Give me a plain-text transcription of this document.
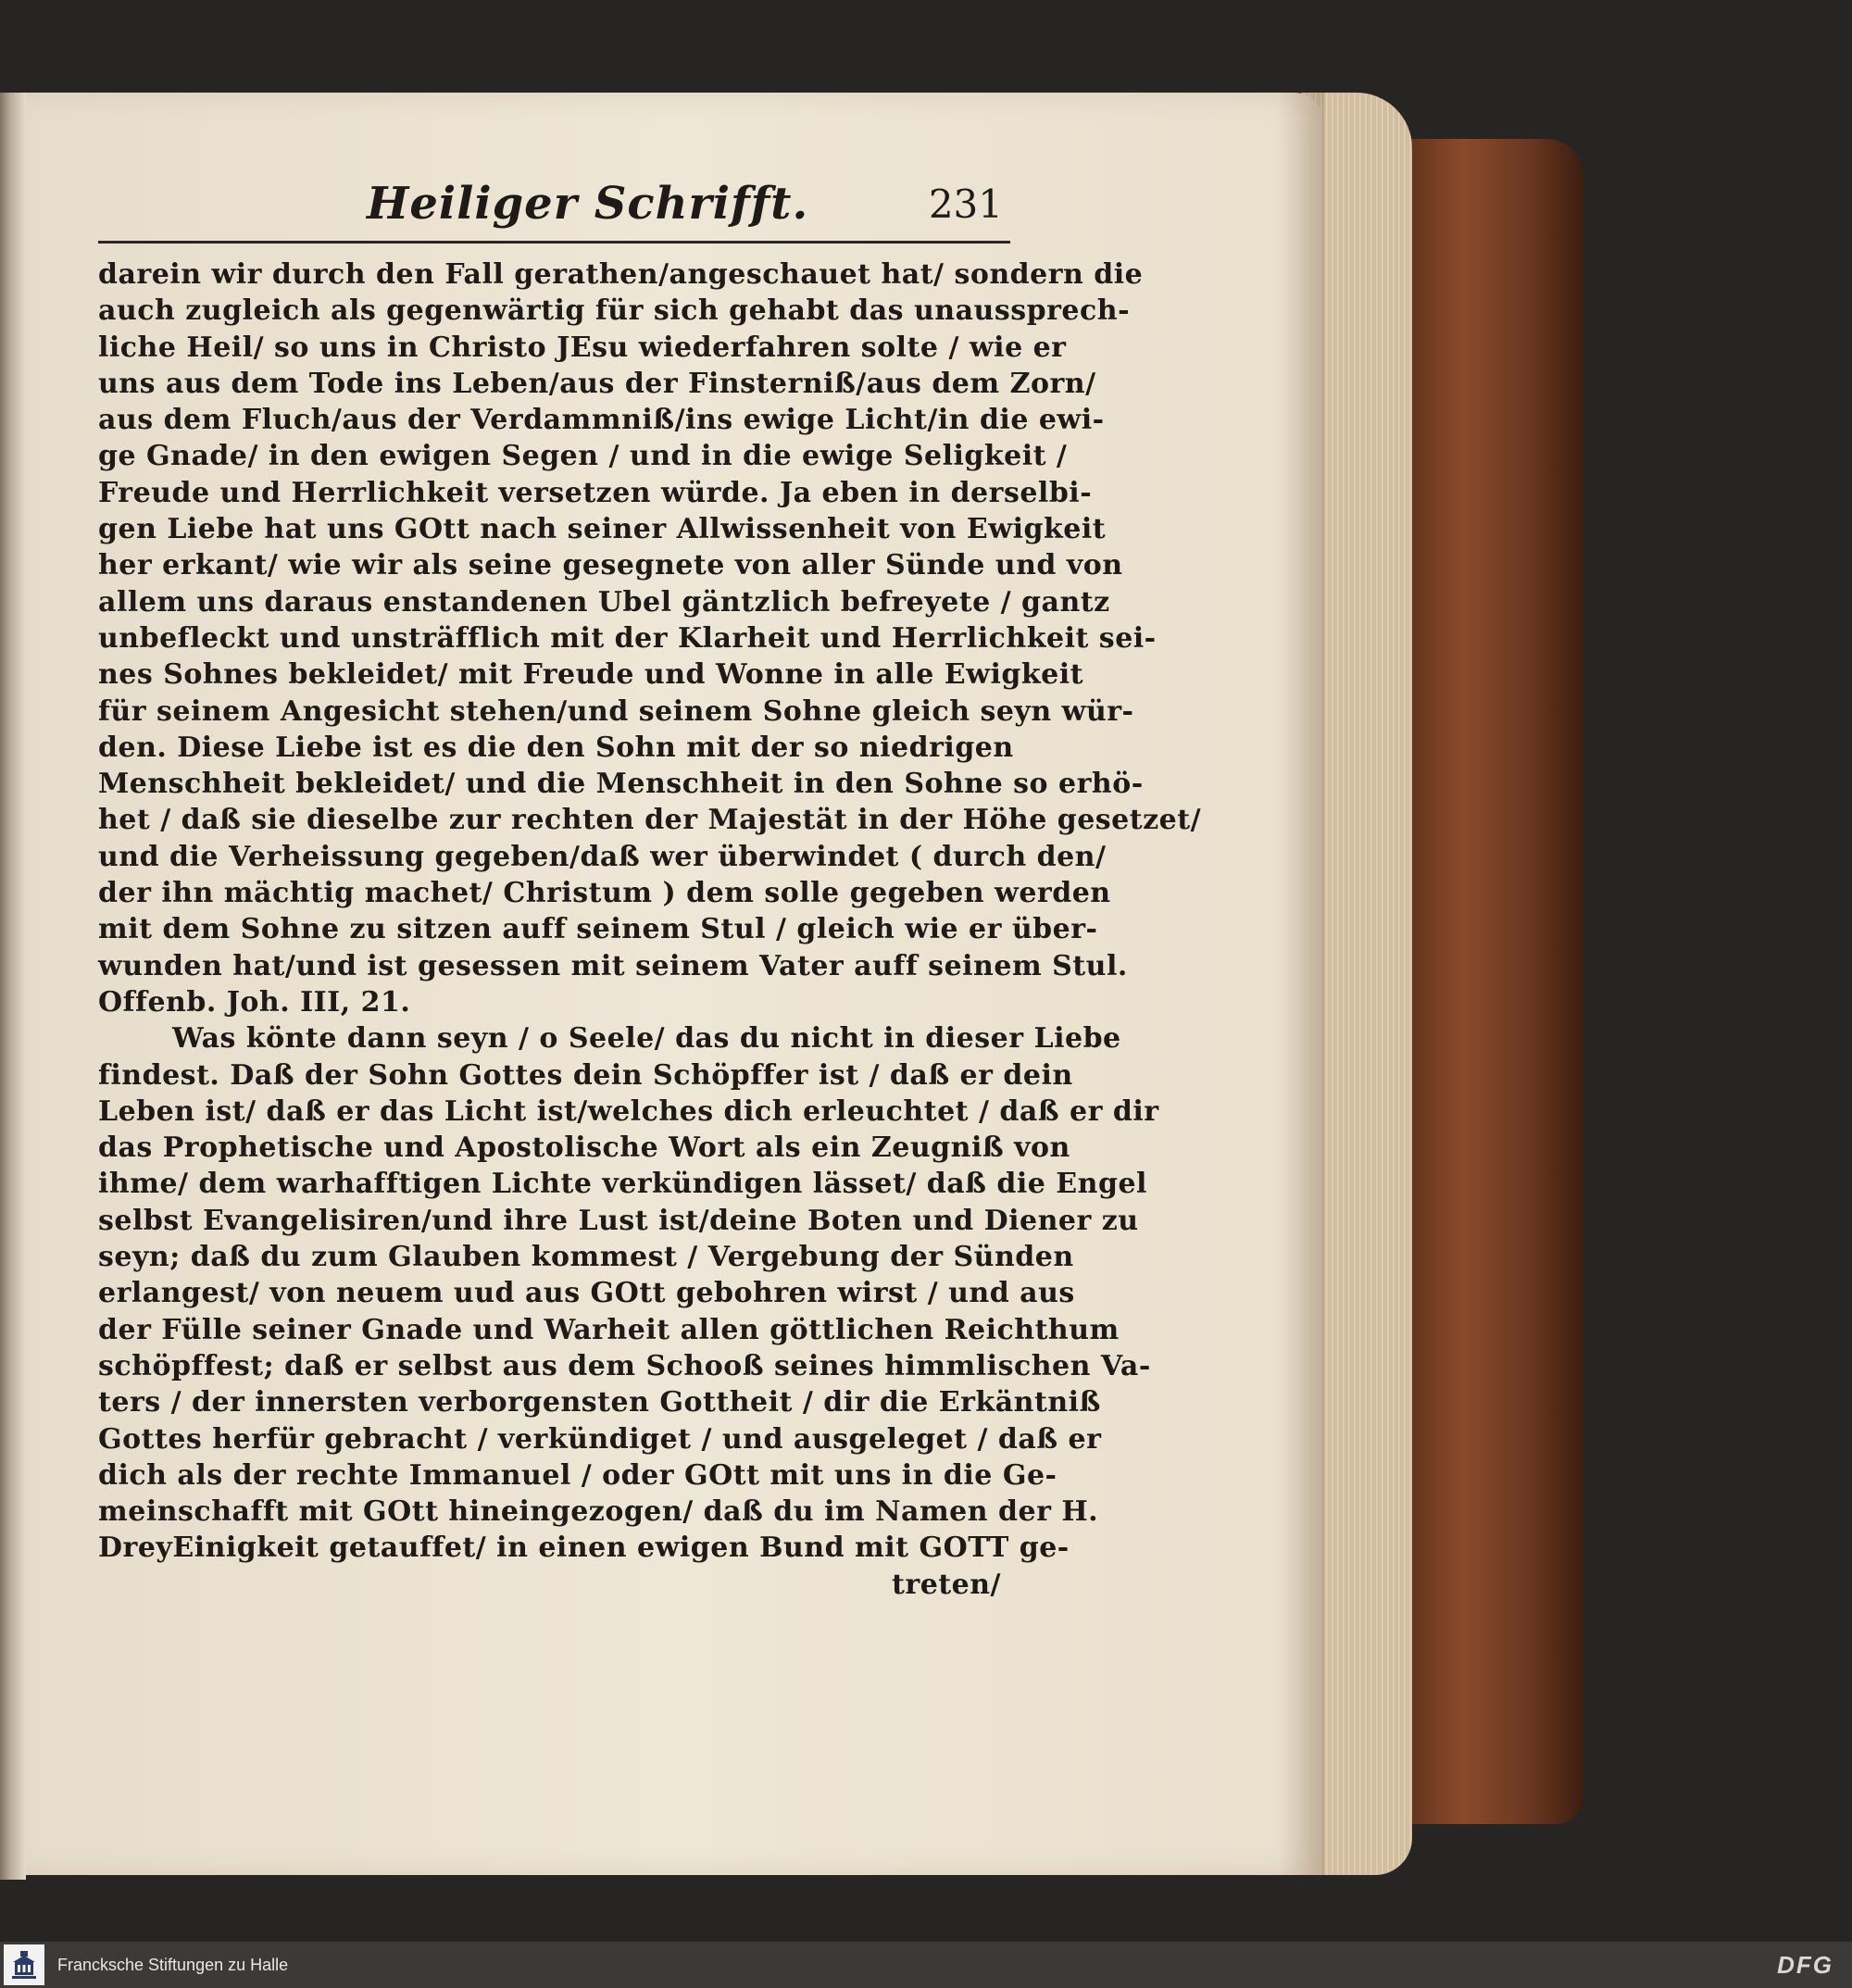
Heiliger Schrifft.	231
darein wir durch den Fall gerathen/angeschauet hat/ sondern die
auch zugleich als gegenwärtig für sich gehabt das unaussprech-
liche Heil/ so uns in Christo JEsu wiederfahren solte / wie er
uns aus dem Tode ins Leben/aus der Finsterniß/aus dem Zorn/
aus dem Fluch/aus der Verdammniß/ins ewige Licht/in die ewi-
ge Gnade/ in den ewigen Segen / und in die ewige Seligkeit /
Freude und Herrlichkeit versetzen würde. Ja eben in derselbi-
gen Liebe hat uns GOtt nach seiner Allwissenheit von Ewigkeit
her erkant/ wie wir als seine gesegnete von aller Sünde und von
allem uns daraus enstandenen Ubel gäntzlich befreyete / gantz
unbefleckt und unsträfflich mit der Klarheit und Herrlichkeit sei-
nes Sohnes bekleidet/ mit Freude und Wonne in alle Ewigkeit
für seinem Angesicht stehen/und seinem Sohne gleich seyn wür-
den. Diese Liebe ist es die den Sohn mit der so niedrigen
Menschheit bekleidet/ und die Menschheit in den Sohne so erhö-
het / daß sie dieselbe zur rechten der Majestät in der Höhe gesetzet/
und die Verheissung gegeben/daß wer überwindet ( durch den/
der ihn mächtig machet/ Christum ) dem solle gegeben werden
mit dem Sohne zu sitzen auff seinem Stul / gleich wie er über-
wunden hat/und ist gesessen mit seinem Vater auff seinem Stul.
Offenb. Joh. III, 21.
Was könte dann seyn / o Seele/ das du nicht in dieser Liebe
findest. Daß der Sohn Gottes dein Schöpffer ist / daß er dein
Leben ist/ daß er das Licht ist/welches dich erleuchtet / daß er dir
das Prophetische und Apostolische Wort als ein Zeugniß von
ihme/ dem warhafftigen Lichte verkündigen lässet/ daß die Engel
selbst Evangelisiren/und ihre Lust ist/deine Boten und Diener zu
seyn; daß du zum Glauben kommest / Vergebung der Sünden
erlangest/ von neuem uud aus GOtt gebohren wirst / und aus
der Fülle seiner Gnade und Warheit allen göttlichen Reichthum
schöpffest; daß er selbst aus dem Schooß seines himmlischen Va-
ters / der innersten verborgensten Gottheit / dir die Erkäntniß
Gottes herfür gebracht / verkündiget / und ausgeleget / daß er
dich als der rechte Immanuel / oder GOtt mit uns in die Ge-
meinschafft mit GOtt hineingezogen/ daß du im Namen der H.
DreyEinigkeit getauffet/ in einen ewigen Bund mit GOTT ge-
treten/
Francksche Stiftungen zu Halle	DFG
